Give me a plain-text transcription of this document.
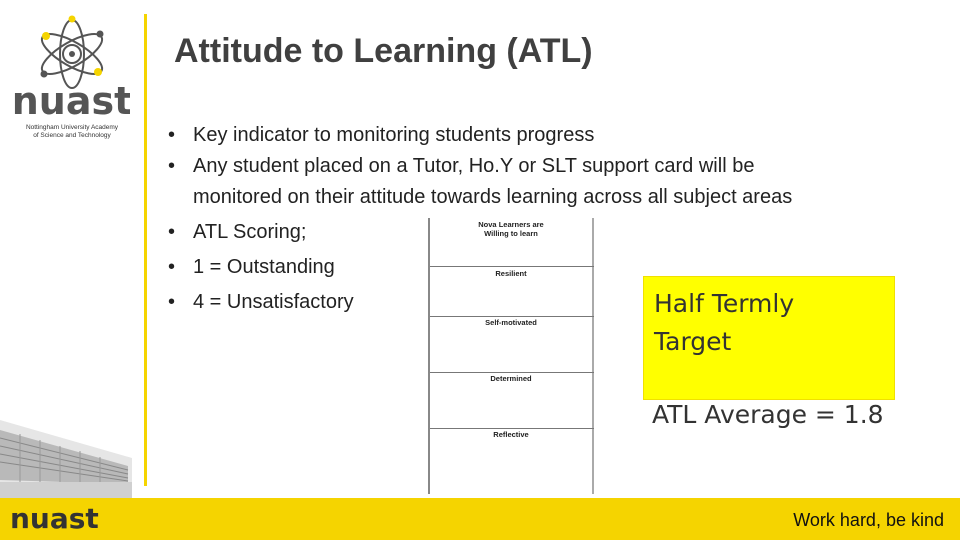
nuast
Nottingham University Academy
of Science and Technology
Attitude to Learning (ATL)
• Key indicator to monitoring students progress
• Any student placed on a Tutor, Ho.Y or SLT support card will be
monitored on their attitude towards learning across all subject areas
• ATL Scoring;
• 1 = Outstanding
• 4 = Unsatisfactory
Nova Learners are
Willing to learn
Resilient
Self-motivated
Determined
Reflective
Half Termly Target
ATL Average = 1.8
nuast	Work hard, be kind
